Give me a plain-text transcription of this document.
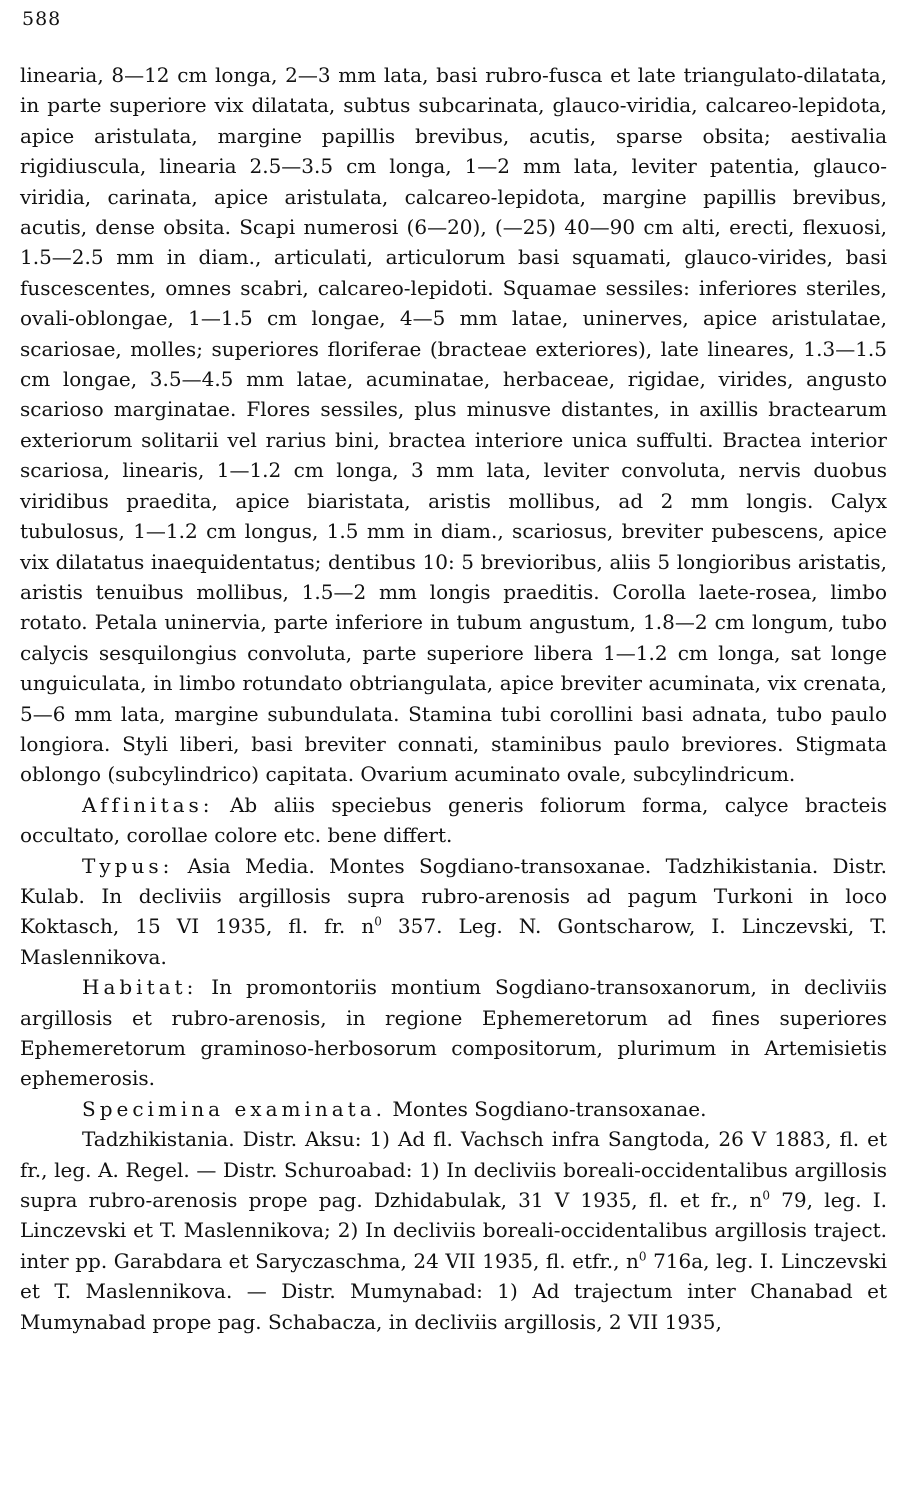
588

linearia, 8—12 cm longa, 2—3 mm lata, basi rubro-fusca et late triangulato-dilatata, in parte superiore vix dilatata, subtus subcarinata, glauco-viridia, calcareo-lepidota, apice aristulata, margine papillis brevibus, acutis, sparse obsita; aestivalia rigidiuscula, linearia 2.5—3.5 cm longa, 1—2 mm lata, leviter patentia, glauco-viridia, carinata, apice aristulata, calcareo-lepidota, margine papillis brevibus, acutis, dense obsita. Scapi numerosi (6—20), (—25) 40—90 cm alti, erecti, flexuosi, 1.5—2.5 mm in diam., articulati, articulorum basi squamati, glauco-virides, basi fuscescentes, omnes scabri, calcareo-lepidoti. Squamae sessiles: inferiores steriles, ovali-oblongae, 1—1.5 cm longae, 4—5 mm latae, uninerves, apice aristulatae, scariosae, molles; superiores floriferae (bracteae exteriores), late lineares, 1.3—1.5 cm longae, 3.5—4.5 mm latae, acuminatae, herbaceae, rigidae, virides, angusto scarioso marginatae. Flores sessiles, plus minusve distantes, in axillis bractearum exteriorum solitarii vel rarius bini, bractea interiore unica suffulti. Bractea interior scariosa, linearis, 1—1.2 cm longa, 3 mm lata, leviter convoluta, nervis duobus viridibus praedita, apice biaristata, aristis mollibus, ad 2 mm longis. Calyx tubulosus, 1—1.2 cm longus, 1.5 mm in diam., scariosus, breviter pubescens, apice vix dilatatus inaequidentatus; dentibus 10: 5 brevioribus, aliis 5 longioribus aristatis, aristis tenuibus mollibus, 1.5—2 mm longis praeditis. Corolla laete-rosea, limbo rotato. Petala uninervia, parte inferiore in tubum angustum, 1.8—2 cm longum, tubo calycis sesquilongius convoluta, parte superiore libera 1—1.2 cm longa, sat longe unguiculata, in limbo rotundato obtriangulata, apice breviter acuminata, vix crenata, 5—6 mm lata, margine subundulata. Stamina tubi corollini basi adnata, tubo paulo longiora. Styli liberi, basi breviter connati, staminibus paulo breviores. Stigmata oblongo (subcylindrico) capitata. Ovarium acuminato ovale, subcylindricum.

Affinitas: Ab aliis speciebus generis foliorum forma, calyce bracteis occultato, corollae colore etc. bene differt.

Typus: Asia Media. Montes Sogdiano-transoxanae. Tadzhikistania. Distr. Kulab. In decliviis argillosis supra rubro-arenosis ad pagum Turkoni in loco Koktasch, 15 VI 1935, fl. fr. $n^0$ 357. Leg. N. Gontscharow, I. Linczevski, T. Maslennikova.

Habitat: In promontoriis montium Sogdiano-transoxanorum, in decliviis argillosis et rubro-arenosis, in regione Ephemeretorum ad fines superiores Ephemeretorum graminoso-herbosorum compositorum, plurimum in Artemisietis ephemerosis.

Specimina examinata. Montes Sogdiano-transoxanae.

Tadzhikistania. Distr. Aksu: 1) Ad fl. Vachsch infra Sangtoda, 26 V 1883, fl. et fr., leg. A. Regel. — Distr. Schuroabad: 1) In decliviis boreali-occidentalibus argillosis supra rubro-arenosis prope pag. Dzhidabulak, 31 V 1935, fl. et fr., $n^0$ 79, leg. I. Linczevski et T. Maslennikova; 2) In decliviis boreali-occidentalibus argillosis traject. inter pp. Garabdara et Saryczaschma, 24 VII 1935, fl. etfr., $n^0$ 716a, leg. I. Linczevski et T. Maslennikova. — Distr. Mumynabad: 1) Ad trajectum inter Chanabad et Mumynabad prope pag. Schabacza, in decliviis argillosis, 2 VII 1935,
